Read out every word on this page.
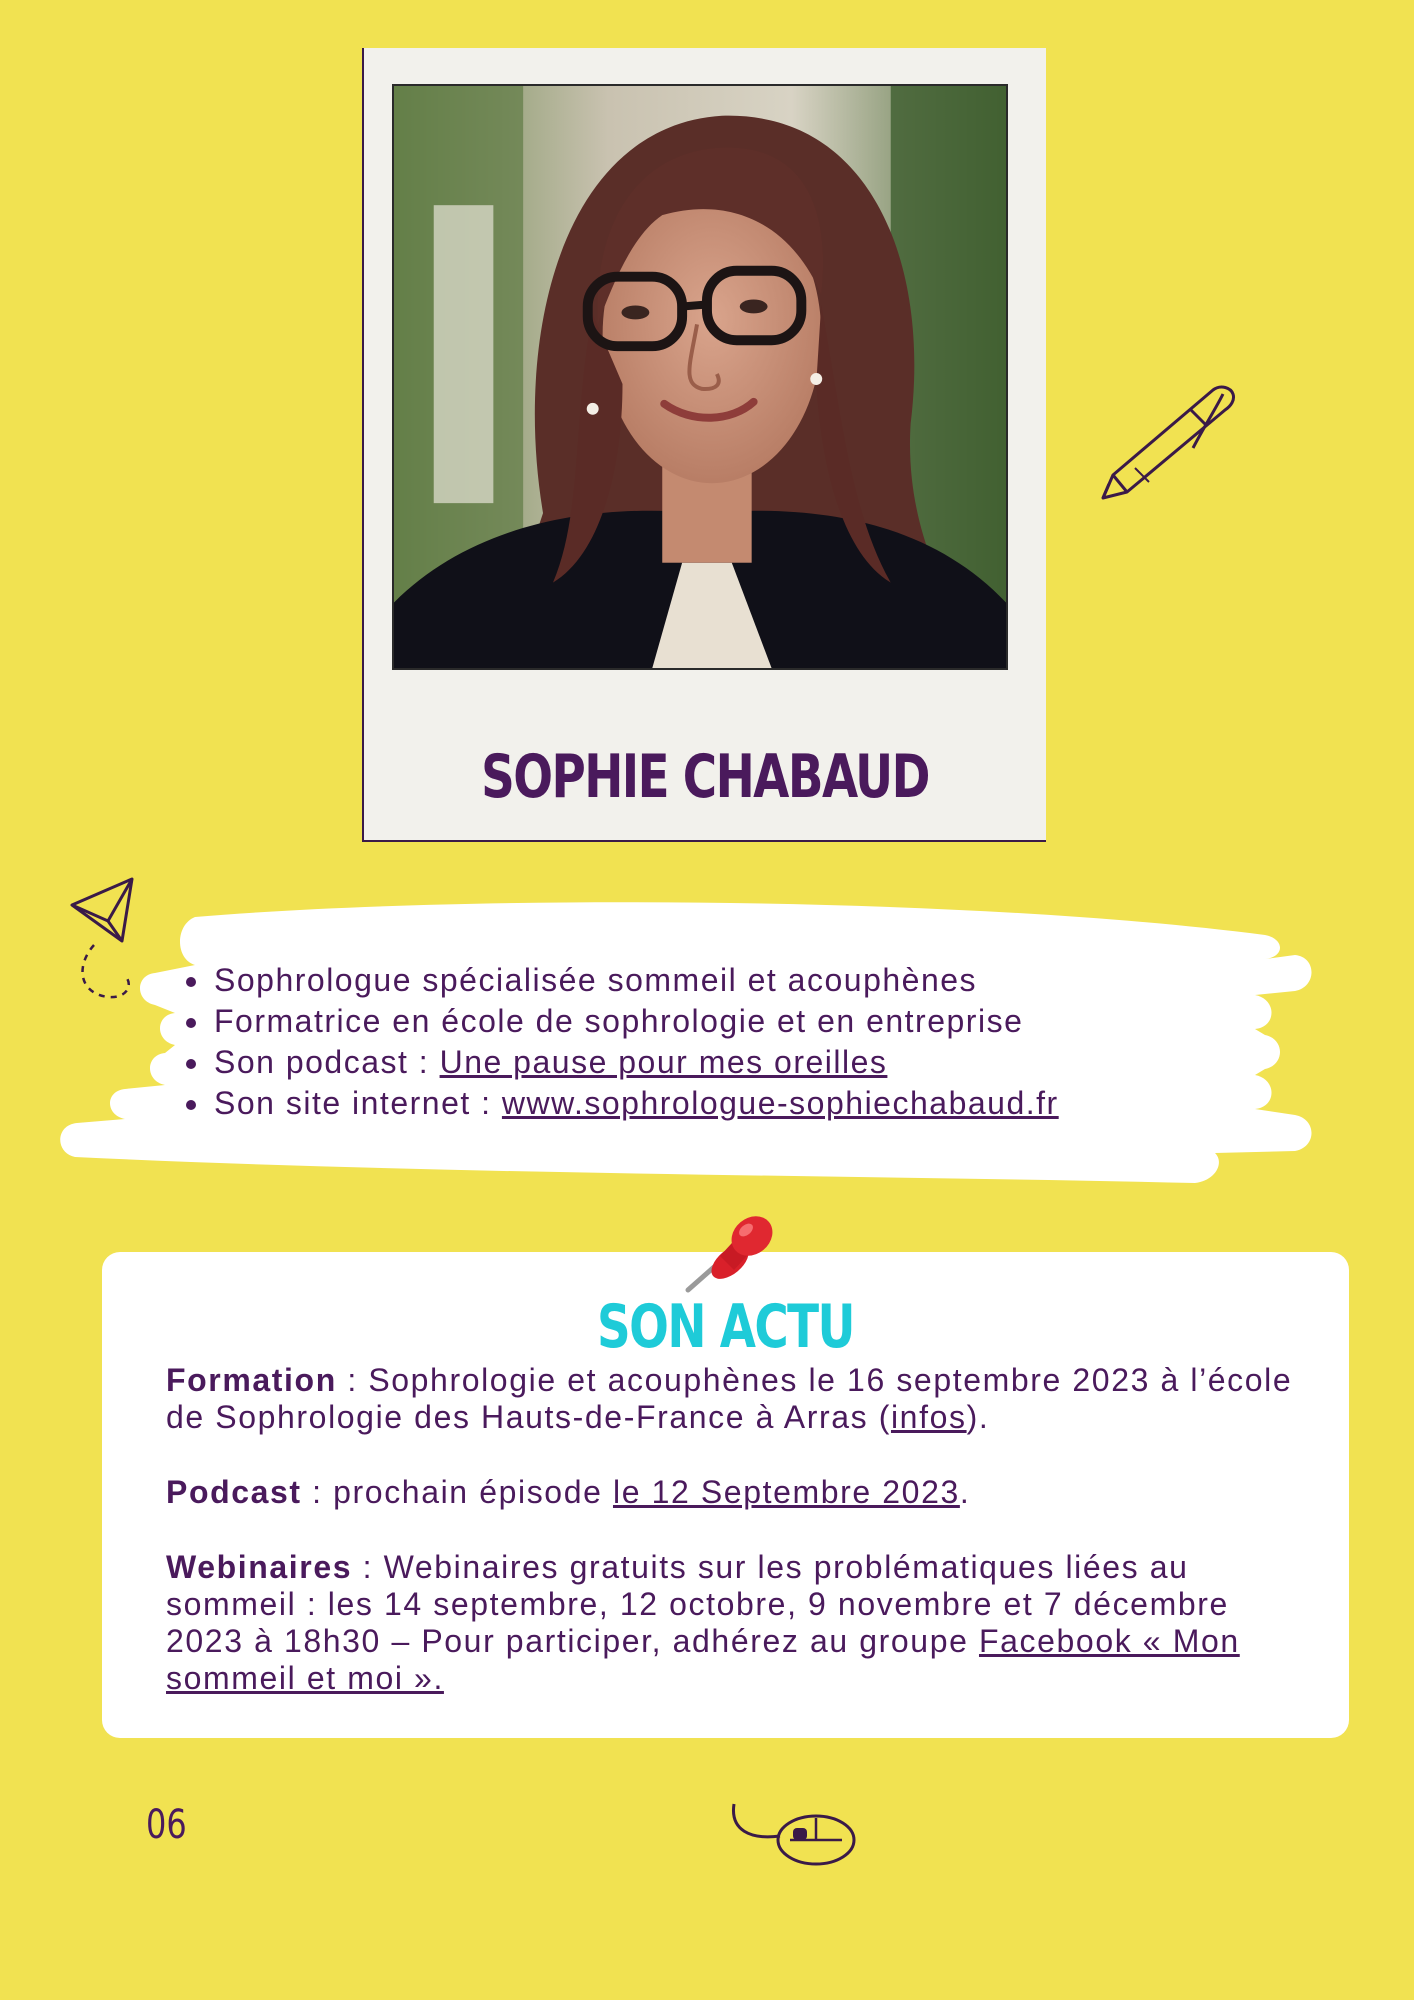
SOPHIE CHABAUD
• Sophrologue spécialisée sommeil et acouphènes
• Formatrice en école de sophrologie et en entreprise
• Son podcast : Une pause pour mes oreilles
• Son site internet : www.sophrologue-sophiechabaud.fr
SON ACTU

Formation : Sophrologie et acouphènes le 16 septembre 2023 à l’école de Sophrologie des Hauts-de-France à Arras (infos).

Podcast : prochain épisode le 12 Septembre 2023.

Webinaires : Webinaires gratuits sur les problématiques liées au sommeil : les 14 septembre, 12 octobre, 9 novembre et 7 décembre 2023 à 18h30 – Pour participer, adhérez au groupe Facebook « Mon sommeil et moi ».

06
